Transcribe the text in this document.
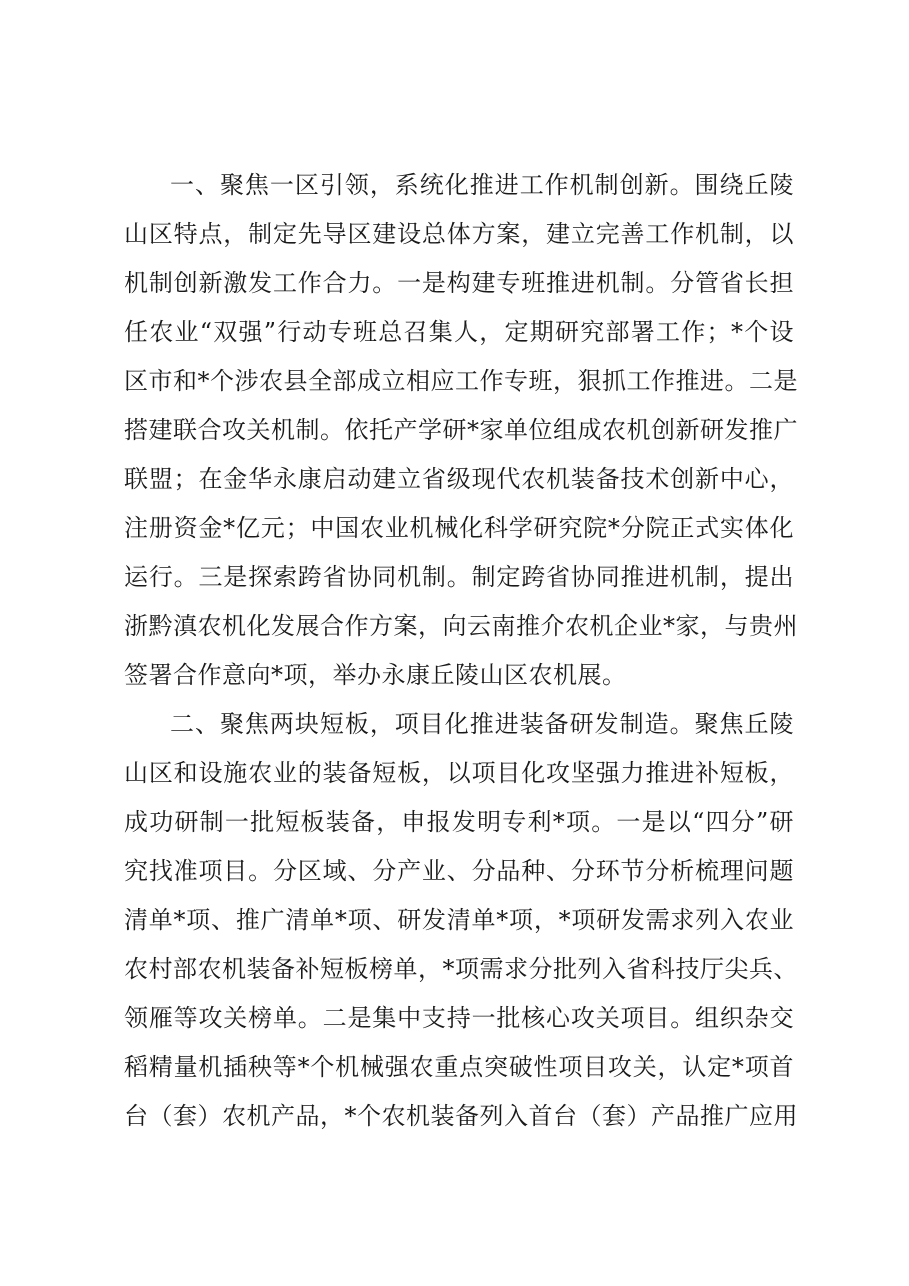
一、聚焦一区引领，系统化推进工作机制创新。围绕丘陵
山区特点，制定先导区建设总体方案，建立完善工作机制，以
机制创新激发工作合力。一是构建专班推进机制。分管省长担
任农业“双强”行动专班总召集人，定期研究部署工作；*个设
区市和*个涉农县全部成立相应工作专班，狠抓工作推进。二是
搭建联合攻关机制。依托产学研*家单位组成农机创新研发推广
联盟；在金华永康启动建立省级现代农机装备技术创新中心，
注册资金*亿元；中国农业机械化科学研究院*分院正式实体化
运行。三是探索跨省协同机制。制定跨省协同推进机制，提出
浙黔滇农机化发展合作方案，向云南推介农机企业*家，与贵州
签署合作意向*项，举办永康丘陵山区农机展。
二、聚焦两块短板，项目化推进装备研发制造。聚焦丘陵
山区和设施农业的装备短板，以项目化攻坚强力推进补短板，
成功研制一批短板装备，申报发明专利*项。一是以“四分”研
究找准项目。分区域、分产业、分品种、分环节分析梳理问题
清单*项、推广清单*项、研发清单*项，*项研发需求列入农业
农村部农机装备补短板榜单，*项需求分批列入省科技厅尖兵、
领雁等攻关榜单。二是集中支持一批核心攻关项目。组织杂交
稻精量机插秧等*个机械强农重点突破性项目攻关，认定*项首
台（套）农机产品，*个农机装备列入首台（套）产品推广应用
